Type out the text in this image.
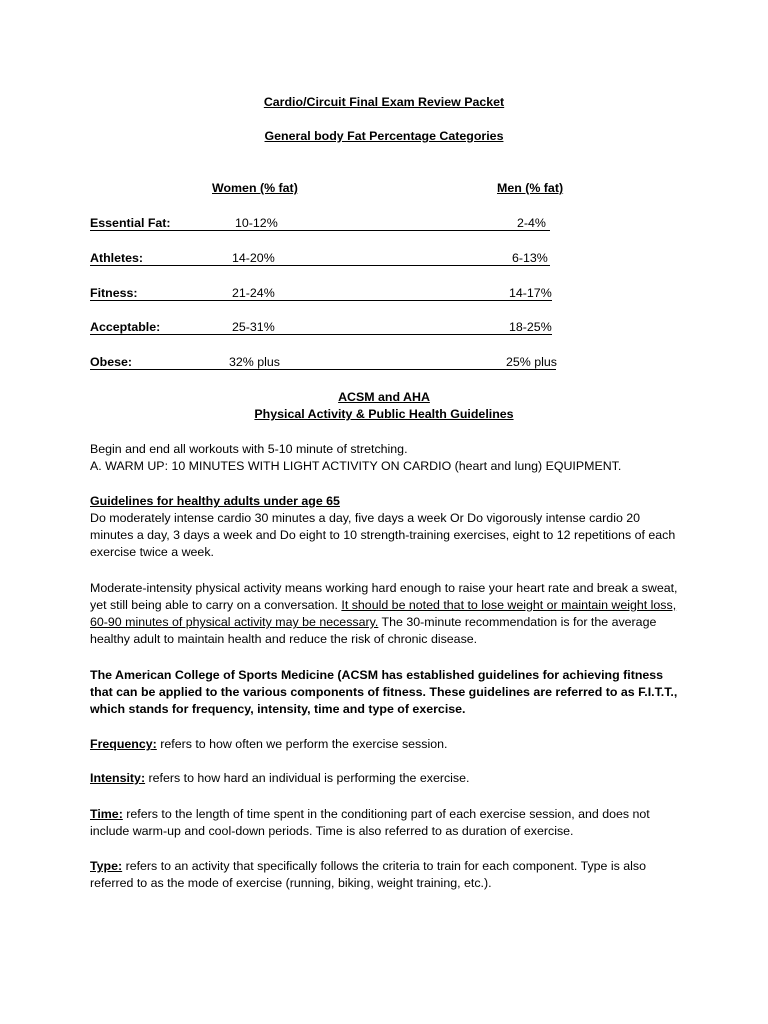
Cardio/Circuit Final Exam Review Packet
General body Fat Percentage Categories
Women (% fat)	Men (% fat)
Essential Fat:	10-12%	2-4%
Athletes:	14-20%	6-13%
Fitness:	21-24%	14-17%
Acceptable:	25-31%	18-25%
Obese:	32% plus	25% plus
ACSM and AHA
Physical Activity & Public Health Guidelines
Begin and end all workouts with 5-10 minute of stretching.
A. WARM UP: 10 MINUTES WITH LIGHT ACTIVITY ON CARDIO (heart and lung) EQUIPMENT.
Guidelines for healthy adults under age 65

Do moderately intense cardio 30 minutes a day, five days a week Or Do vigorously intense cardio 20 minutes a day, 3 days a week and Do eight to 10 strength-training exercises, eight to 12 repetitions of each exercise twice a week.

Moderate-intensity physical activity means working hard enough to raise your heart rate and break a sweat, yet still being able to carry on a conversation. It should be noted that to lose weight or maintain weight loss, 60-90 minutes of physical activity may be necessary. The 30-minute recommendation is for the average healthy adult to maintain health and reduce the risk of chronic disease.

The American College of Sports Medicine (ACSM has established guidelines for achieving fitness that can be applied to the various components of fitness. These guidelines are referred to as F.I.T.T., which stands for frequency, intensity, time and type of exercise.

Frequency: refers to how often we perform the exercise session.

Intensity: refers to how hard an individual is performing the exercise.

Time: refers to the length of time spent in the conditioning part of each exercise session, and does not include warm-up and cool-down periods. Time is also referred to as duration of exercise.

Type: refers to an activity that specifically follows the criteria to train for each component. Type is also referred to as the mode of exercise (running, biking, weight training, etc.).
